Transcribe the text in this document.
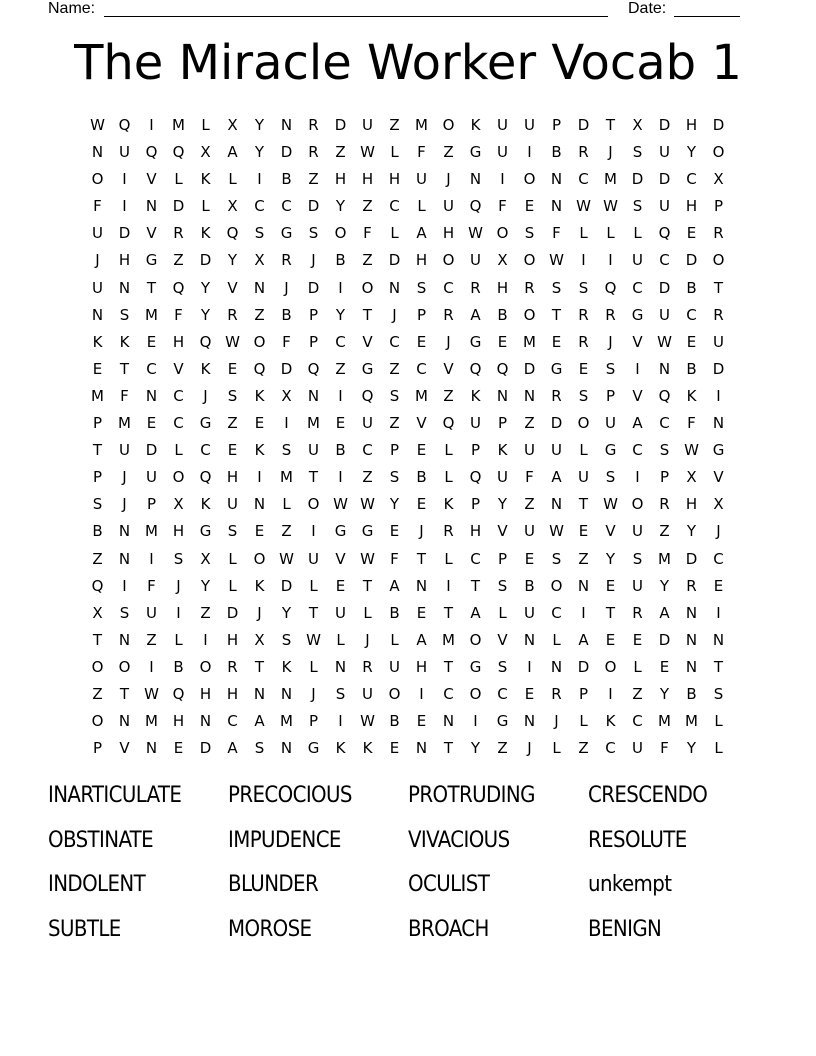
Name:	Date:
The Miracle Worker Vocab 1
W Q	I	M	L	X	Y	N	R	D	U	Z	M O	K	U	U	P	D	T	X	D	H	D
N	U	Q	Q	X	A	Y	D	R	Z W	L	F	Z	G	U	I	B	R	J	S	U	Y	O
O	I	V	L	K	L	I	B	Z	H	H	H	U	J	N	I	O	N	C	M D	D	C	X
F	I	N	D	L	X	C	C	D	Y	Z	C	L	U	Q	F	E	N W W S	U	H	P
U	D	V	R	K	Q	S	G	S	O	F	L	A	H W O	S	F	L	L	L	Q	E	R
J	H	G	Z	D	Y	X	R	J	B	Z	D	H	O	U	X	O W	I	I	U	C	D	O
U	N	T	Q	Y	V	N	J	D	I	O	N	S	C	R	H	R	S	S	Q	C	D	B	T
N	S	M	F	Y	R	Z	B	P	Y	T	J	P	R	A	B	O	T	R	R	G	U	C	R
K	K	E	H	Q W O	F	P	C	V	C	E	J	G	E	M	E	R	J	V W E	U
E	T	C	V	K	E	Q	D	Q	Z	G	Z	C	V	Q	Q	D	G	E	S	I	N	B	D
M	F	N	C	J	S	K	X	N	I	Q	S	M	Z	K	N	N	R	S	P	V	Q	K	I
P	M	E	C	G	Z	E	I	M	E	U	Z	V	Q	U	P	Z	D	O	U	A	C	F	N
T	U	D	L	C	E	K	S	U	B	C	P	E	L	P	K	U	U	L	G	C	S W G
P	J	U	O	Q	H	I	M	T	I	Z	S	B	L	Q	U	F	A	U	S	I	P	X	V
S	J	P	X	K	U	N	L	O W W Y	E	K	P	Y	Z	N	T	W O	R	H	X
B	N M H	G	S	E	Z	I	G	G	E	J	R	H	V	U W E	V	U	Z	Y	J
Z	N	I	S	X	L	O W U	V W	F	T	L	C	P	E	S	Z	Y	S	M D	C
Q	I	F	J	Y	L	K	D	L	E	T	A	N	I	T	S	B	O	N	E	U	Y	R	E
X	S	U	I	Z	D	J	Y	T	U	L	B	E	T	A	L	U	C	I	T	R	A	N	I
T	N	Z	L	I	H	X	S W	L	J	L	A	M O	V	N	L	A	E	E	D	N	N
O	O	I	B	O	R	T	K	L	N	R	U	H	T	G	S	I	N	D	O	L	E	N	T
Z	T	W Q	H	H	N	N	J	S	U	O	I	C	O	C	E	R	P	I	Z	Y	B	S
O	N M H	N	C	A	M	P	I	W B	E	N	I	G	N	J	L	K	C	M M	L
P	V	N	E	D	A	S	N	G	K	K	E	N	T	Y	Z	J	L	Z	C	U	F	Y	L
INARTICULATE	PRECOCIOUS	PROTRUDING	CRESCENDO
OBSTINATE	IMPUDENCE	VIVACIOUS	RESOLUTE
INDOLENT	BLUNDER	OCULIST	unkempt
SUBTLE	MOROSE	BROACH	BENIGN
